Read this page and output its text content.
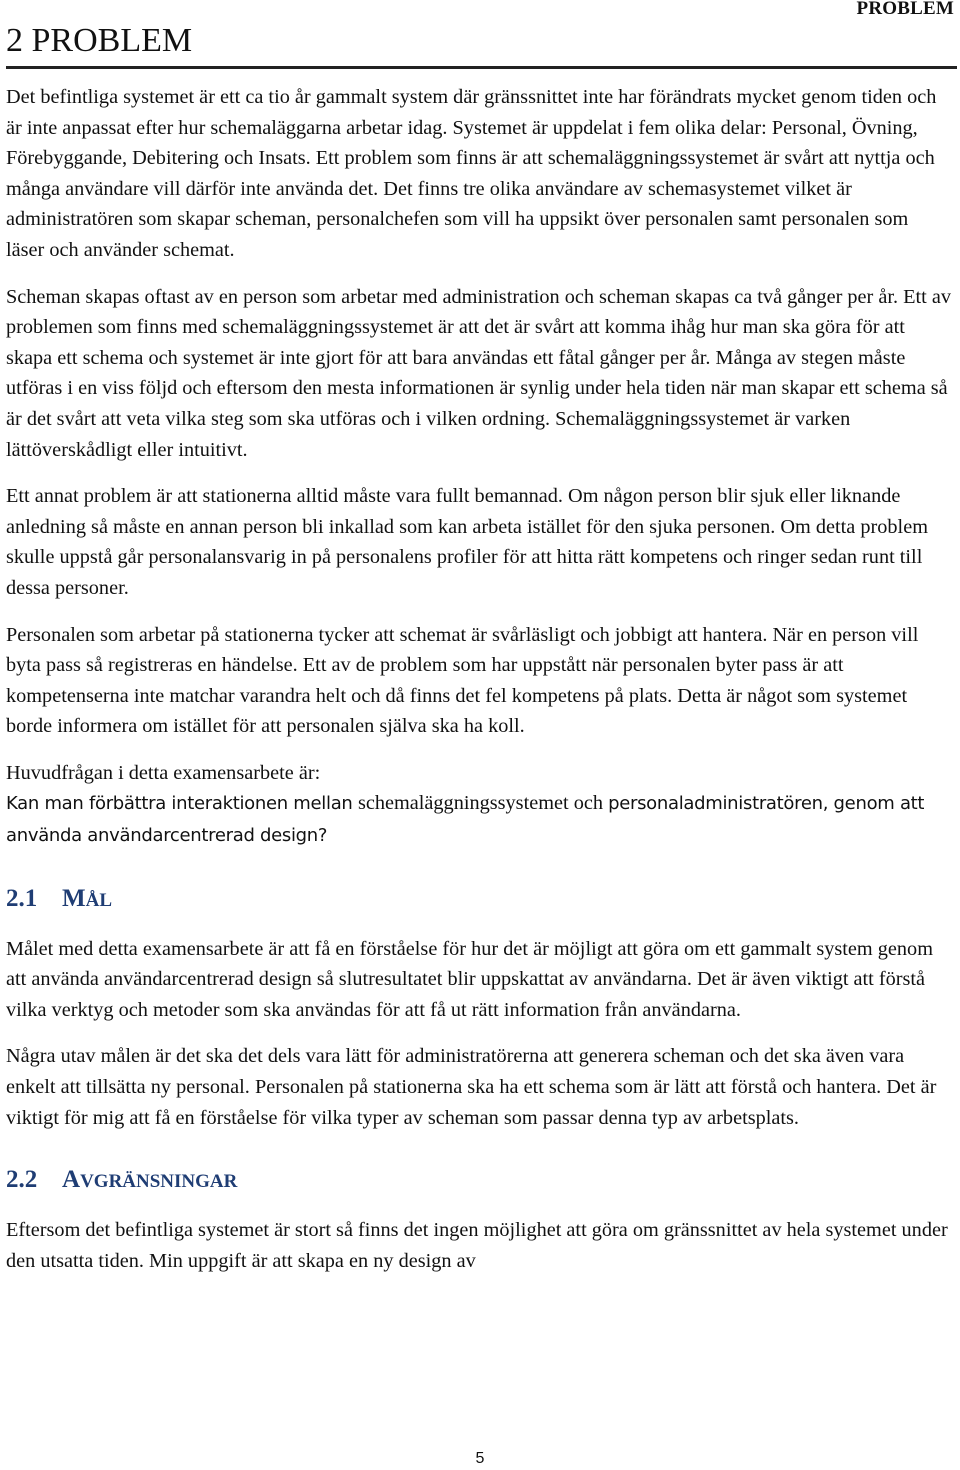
PROBLEM
2 PROBLEM

Det befintliga systemet är ett ca tio år gammalt system där gränssnittet inte har förändrats mycket genom tiden och är inte anpassat efter hur schemaläggarna arbetar idag. Systemet är uppdelat i fem olika delar: Personal, Övning, Förebyggande, Debitering och Insats. Ett problem som finns är att schemaläggningssystemet är svårt att nyttja och många användare vill därför inte använda det. Det finns tre olika användare av schemasystemet vilket är administratören som skapar scheman, personalchefen som vill ha uppsikt över personalen samt personalen som läser och använder schemat.

Scheman skapas oftast av en person som arbetar med administration och scheman skapas ca två gånger per år. Ett av problemen som finns med schemaläggningssystemet är att det är svårt att komma ihåg hur man ska göra för att skapa ett schema och systemet är inte gjort för att bara användas ett fåtal gånger per år. Många av stegen måste utföras i en viss följd och eftersom den mesta informationen är synlig under hela tiden när man skapar ett schema så är det svårt att veta vilka steg som ska utföras och i vilken ordning. Schemaläggningssystemet är varken lättöverskådligt eller intuitivt.

Ett annat problem är att stationerna alltid måste vara fullt bemannad. Om någon person blir sjuk eller liknande anledning så måste en annan person bli inkallad som kan arbeta istället för den sjuka personen. Om detta problem skulle uppstå går personalansvarig in på personalens profiler för att hitta rätt kompetens och ringer sedan runt till dessa personer.

Personalen som arbetar på stationerna tycker att schemat är svårläsligt och jobbigt att hantera. När en person vill byta pass så registreras en händelse. Ett av de problem som har uppstått när personalen byter pass är att kompetenserna inte matchar varandra helt och då finns det fel kompetens på plats. Detta är något som systemet borde informera om istället för att personalen själva ska ha koll.

Huvudfrågan i detta examensarbete är:
Kan man förbättra interaktionen mellan schemaläggningssystemet och personaladministratören, genom att använda användarcentrerad design?

2.1 MÅL

Målet med detta examensarbete är att få en förståelse för hur det är möjligt att göra om ett gammalt system genom att använda användarcentrerad design så slutresultatet blir uppskattat av användarna. Det är även viktigt att förstå vilka verktyg och metoder som ska användas för att få ut rätt information från användarna.

Några utav målen är det ska det dels vara lätt för administratörerna att generera scheman och det ska även vara enkelt att tillsätta ny personal. Personalen på stationerna ska ha ett schema som är lätt att förstå och hantera. Det är viktigt för mig att få en förståelse för vilka typer av scheman som passar denna typ av arbetsplats.

2.2 AVGRÄNSNINGAR

Eftersom det befintliga systemet är stort så finns det ingen möjlighet att göra om gränssnittet av hela systemet under den utsatta tiden. Min uppgift är att skapa en ny design av

5
